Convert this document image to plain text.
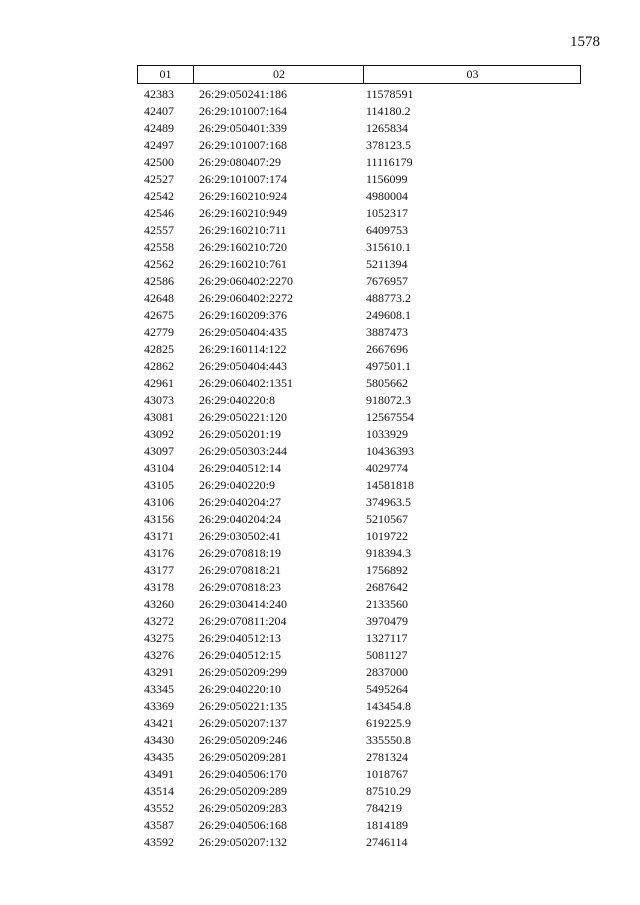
1578
01	02	03
42383 26:29:050241:186	11578591
42407 26:29:101007:164	114180.2
42489 26:29:050401:339	1265834
42497 26:29:101007:168	378123.5
42500 26:29:080407:29	11116179
42527 26:29:101007:174	1156099
42542 26:29:160210:924	4980004
42546 26:29:160210:949	1052317
42557 26:29:160210:711	6409753
42558 26:29:160210:720	315610.1
42562 26:29:160210:761	5211394
42586 26:29:060402:2270	7676957
42648 26:29:060402:2272	488773.2
42675 26:29:160209:376	249608.1
42779 26:29:050404:435	3887473
42825 26:29:160114:122	2667696
42862 26:29:050404:443	497501.1
42961 26:29:060402:1351	5805662
43073 26:29:040220:8	918072.3
43081 26:29:050221:120	12567554
43092 26:29:050201:19	1033929
43097 26:29:050303:244	10436393
43104 26:29:040512:14	4029774
43105 26:29:040220:9	14581818
43106 26:29:040204:27	374963.5
43156 26:29:040204:24	5210567
43171 26:29:030502:41	1019722
43176 26:29:070818:19	918394.3
43177 26:29:070818:21	1756892
43178 26:29:070818:23	2687642
43260 26:29:030414:240	2133560
43272 26:29:070811:204	3970479
43275 26:29:040512:13	1327117
43276 26:29:040512:15	5081127
43291 26:29:050209:299	2837000
43345 26:29:040220:10	5495264
43369 26:29:050221:135	143454.8
43421 26:29:050207:137	619225.9
43430 26:29:050209:246	335550.8
43435 26:29:050209:281	2781324
43491 26:29:040506:170	1018767
43514 26:29:050209:289	87510.29
43552 26:29:050209:283	784219
43587 26:29:040506:168	1814189
43592 26:29:050207:132	2746114
